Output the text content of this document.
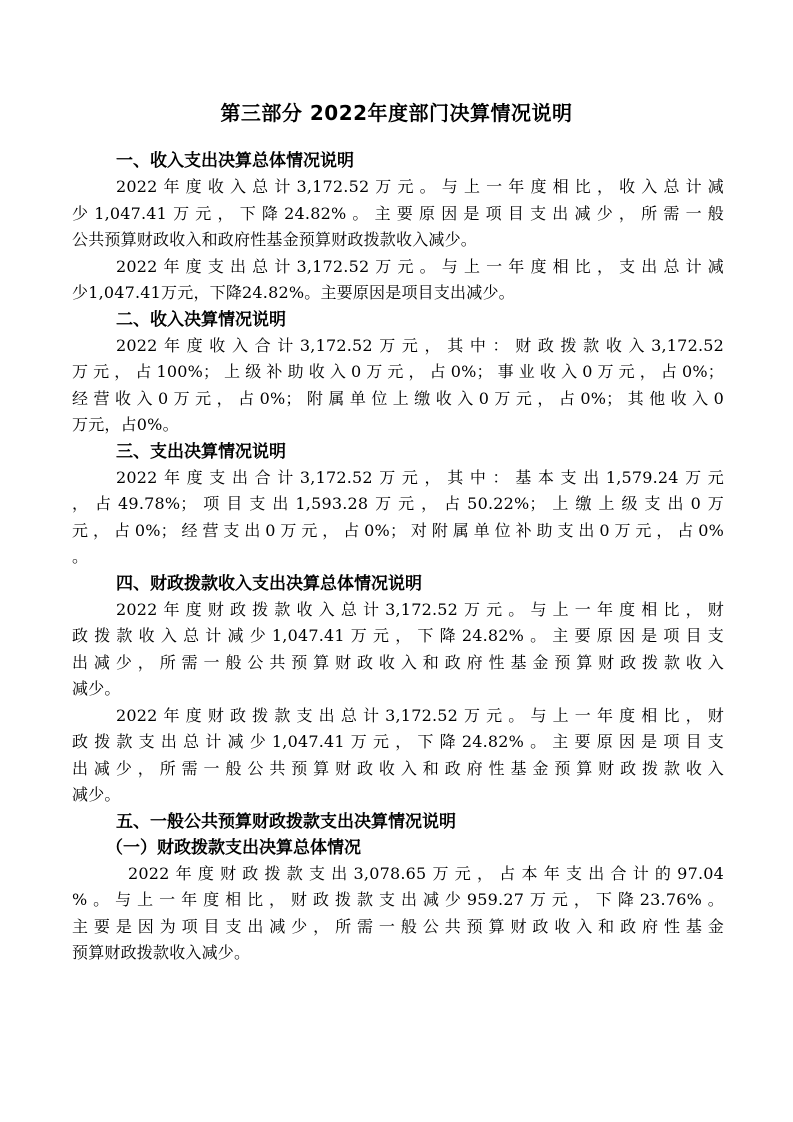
第三部分 2022年度部门决算情况说明
一、收入支出决算总体情况说明
2022年度收入总计3,172.52万元。与上一年度相比，收入总计减
少1,047.41万元，下降24.82%。主要原因是项目支出减少，所需一般
公共预算财政收入和政府性基金预算财政拨款收入减少。
2022年度支出总计3,172.52万元。与上一年度相比，支出总计减
少1,047.41万元，下降24.82%。主要原因是项目支出减少。
二、收入决算情况说明
2022年度收入合计3,172.52万元，其中：财政拨款收入3,172.52
万元，占100%；上级补助收入0万元，占0%；事业收入0万元，占0%；
经营收入0万元，占0%；附属单位上缴收入0万元，占0%；其他收入0
万元，占0%。
三、支出决算情况说明
2022年度支出合计3,172.52万元，其中：基本支出1,579.24万元
，占49.78%；项目支出1,593.28万元，占50.22%；上缴上级支出0万
元，占0%；经营支出0万元，占0%；对附属单位补助支出0万元，占0%
。
四、财政拨款收入支出决算总体情况说明
2022年度财政拨款收入总计3,172.52万元。与上一年度相比，财
政拨款收入总计减少1,047.41万元，下降24.82%。主要原因是项目支
出减少，所需一般公共预算财政收入和政府性基金预算财政拨款收入
减少。
2022年度财政拨款支出总计3,172.52万元。与上一年度相比，财
政拨款支出总计减少1,047.41万元，下降24.82%。主要原因是项目支
出减少，所需一般公共预算财政收入和政府性基金预算财政拨款收入
减少。
五、一般公共预算财政拨款支出决算情况说明
（一）财政拨款支出决算总体情况
2022年度财政拨款支出3,078.65万元，占本年支出合计的97.04
%。与上一年度相比，财政拨款支出减少959.27万元，下降23.76%。
主要是因为项目支出减少，所需一般公共预算财政收入和政府性基金
预算财政拨款收入减少。
